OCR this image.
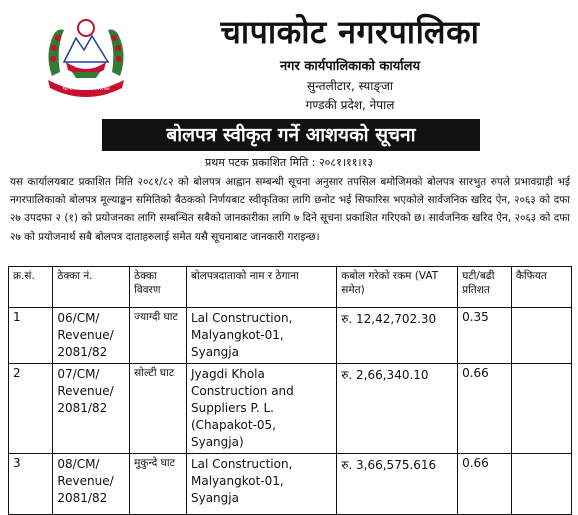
चापाकोट नगरपालिका
चापाकोट नगरपालिका
नगर कार्यपालिकाको कार्यालय
सुन्तलीटार, स्याङ्जा
गण्डकी प्रदेश, नेपाल
बोलपत्र स्वीकृत गर्ने आशयको सूचना
प्रथम पटक प्रकाशित मिति : २०८१।११।१३

यस कार्यालयबाट प्रकाशित मिति २०८१/८२ को बोलपत्र आह्वान सम्बन्धी सूचना अनुसार तपसिल बमोजिमको बोलपत्र सारभुत रुपले प्रभावग्राही भई नगरपालिकाको बोलपत्र मूल्याङ्कन समितिको बैठकको निर्णयबाट स्वीकृतिका लागि छनोट भई सिफारिस भएकोले सार्वजनिक खरिद ऐन, २०६३ को दफा २७ उपदफा २ (१) को प्रयोजनका लागि सम्बन्धित सबैको जानकारीका लागि ७ दिने सूचना प्रकाशित गरिएको छ। सार्वजनिक खरिद ऐन, २०६३ को दफा २७ को प्रयोजनार्थ सबै बोलपत्र दाताहरुलाई समेत यसै सूचनाबाट जानकारी गराइन्छ।

क्र.सं.	ठेक्का नं.	ठेक्का विवरण	बोलपत्रदाताको नाम र ठेगाना	कबोल गरेको रकम (VAT समेत)	घटी/बढी प्रतिशत	कैफियत
1	06/CM/ Revenue/ 2081/82	ज्याग्दी घाट	Lal Construction, Malyangkot-01, Syangja	रु. 12,42,702.30	0.35	
2	07/CM/ Revenue/ 2081/82	सोल्टी घाट	Jyagdi Khola Construction and Suppliers P. L. (Chapakot-05, Syangja)	रु. 2,66,340.10	0.66	
3	08/CM/ Revenue/ 2081/82	मुकुन्दे घाट	Lal Construction, Malyangkot-01, Syangja	रु. 3,66,575.616	0.66	
